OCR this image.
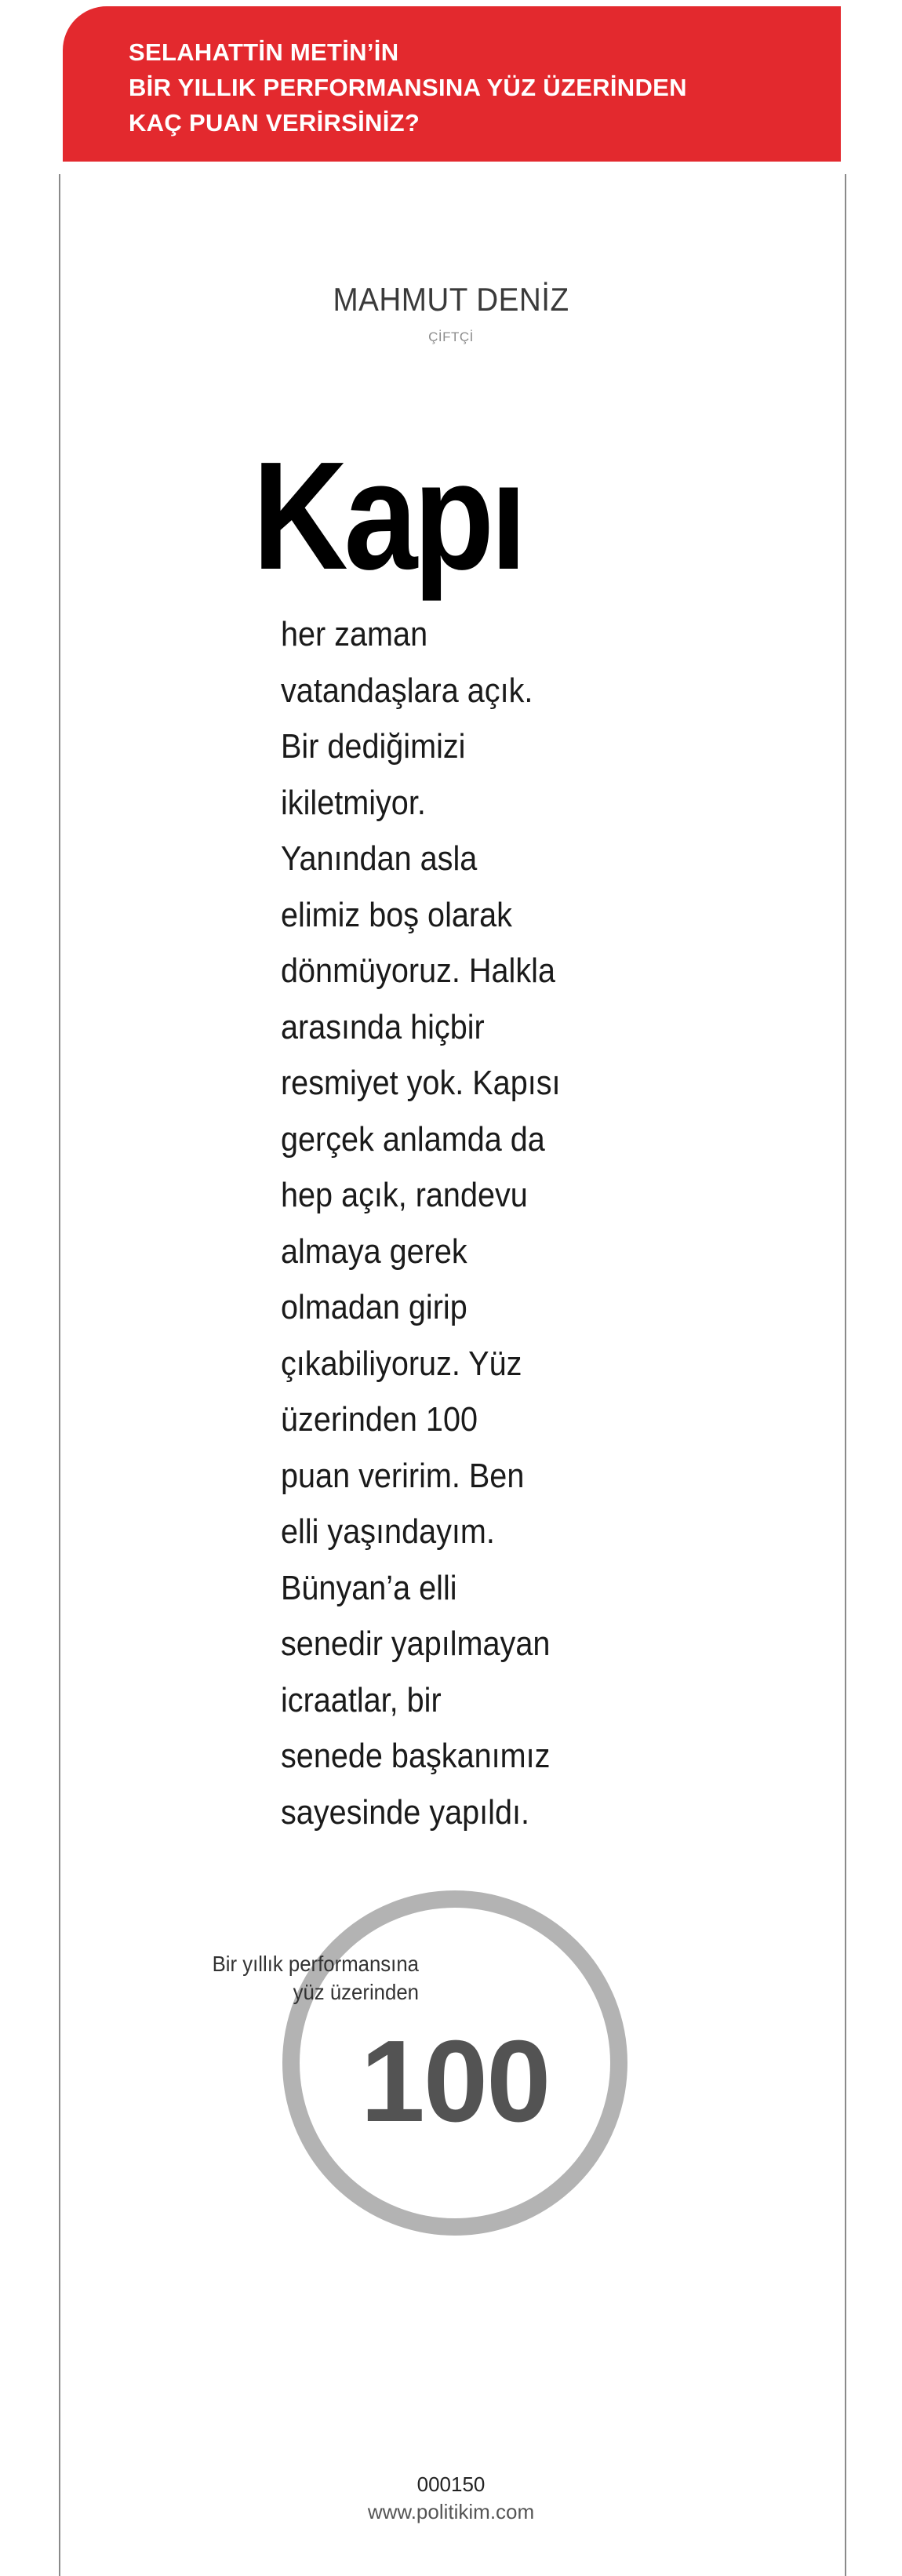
SELAHATTİN METİN’İN
BİR YILLIK PERFORMANSINA YÜZ ÜZERİNDEN
KAÇ PUAN VERİRSİNİZ?
MAHMUT DENİZ
ÇİFTÇİ
Kapı
her zaman
vatandaşlara açık.
Bir dediğimizi
ikiletmiyor.
Yanından asla
elimiz boş olarak
dönmüyoruz. Halkla
arasında hiçbir
resmiyet yok. Kapısı
gerçek anlamda da
hep açık, randevu
almaya gerek
olmadan girip
çıkabiliyoruz. Yüz
üzerinden 100
puan veririm. Ben
elli yaşındayım.
Bünyan’a elli
senedir yapılmayan
icraatlar, bir
senede başkanımız
sayesinde yapıldı.
Bir yıllık performansına
yüz üzerinden
100
000150
www.politikim.com
